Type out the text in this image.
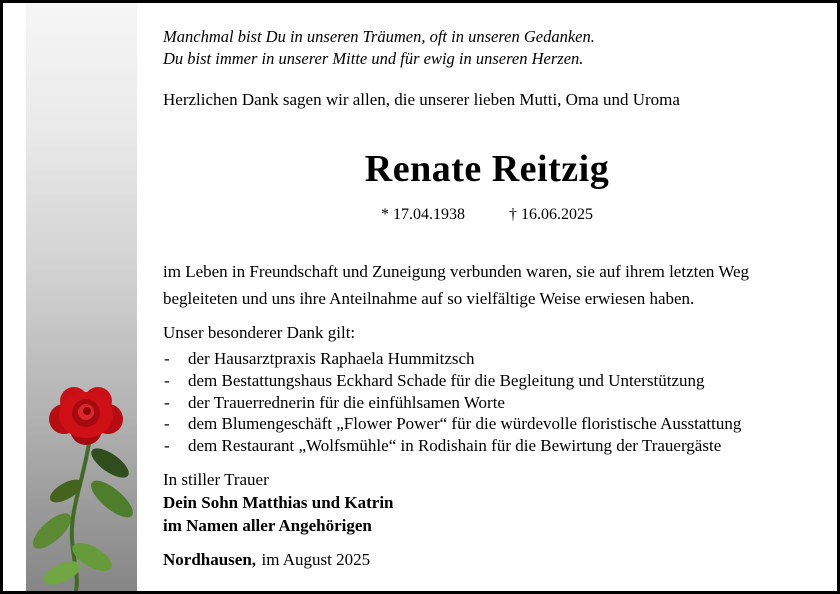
Manchmal bist Du in unseren Träumen, oft in unseren Gedanken.
Du bist immer in unserer Mitte und für ewig in unseren Herzen.
Herzlichen Dank sagen wir allen, die unserer lieben Mutti, Oma und Uroma
Renate Reitzig
* 17.04.1938	† 16.06.2025
im Leben in Freundschaft und Zuneigung verbunden waren, sie auf ihrem letzten Weg
begleiteten und uns ihre Anteilnahme auf so vielfältige Weise erwiesen haben.
Unser besonderer Dank gilt:
-	der Hausarztpraxis Raphaela Hummitzsch
-	dem Bestattungshaus Eckhard Schade für die Begleitung und Unterstützung
-	der Trauerrednerin für die einfühlsamen Worte
-	dem Blumengeschäft „Flower Power“ für die würdevolle floristische Ausstattung
-	dem Restaurant „Wolfsmühle“ in Rodishain für die Bewirtung der Trauergäste
In stiller Trauer
Dein Sohn Matthias und Katrin
im Namen aller Angehörigen
Nordhausen, im August 2025
